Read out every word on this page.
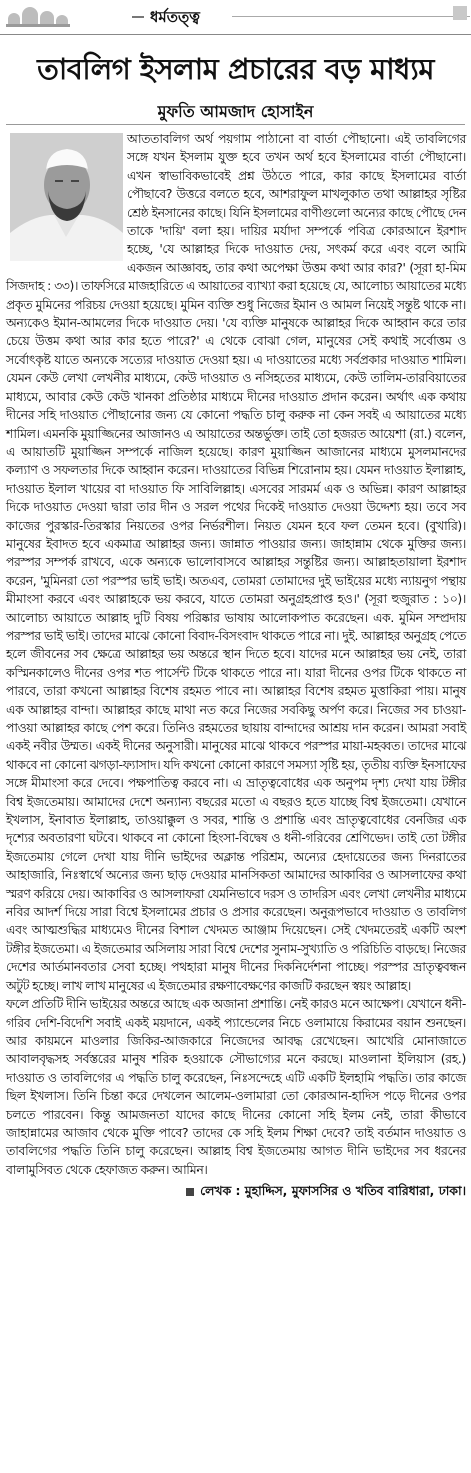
ধর্মতত্ত্ব
তাবলিগ ইসলাম প্রচারের বড় মাধ্যম
মুফতি আমজাদ হোসাইন

আততাবলিগ অর্থ পয়গাম পাঠানো বা বার্তা পৌছানো। এই তাবলিগের সঙ্গে যখন ইসলাম যুক্ত হবে তখন অর্থ হবে ইসলামের বার্তা পৌছানো। এখন স্বাভাবিকভাবেই প্রশ্ন উঠতে পারে, কার কাছে ইসলামের বার্তা পৌছাবে? উত্তরে বলতে হবে, আশরাফুল মাখলুকাত তথা আল্লাহর সৃষ্টির শ্রেষ্ঠ ইনসানের কাছে। যিনি ইসলামের বাণীগুলো অন্যের কাছে পৌছে দেন তাকে 'দায়ি' বলা হয়। দায়ির মর্যাদা সম্পর্কে পবিত্র কোরআনে ইরশাদ হচ্ছে, 'যে আল্লাহর দিকে দাওয়াত দেয়, সৎকর্ম করে এবং বলে আমি একজন আজ্ঞাবহ, তার কথা অপেক্ষা উত্তম কথা আর কার?' (সূরা হা-মিম সিজদাহ : ৩৩)। তাফসিরে মাজহারিতে এ আয়াতের ব্যাখ্যা করা হয়েছে যে, আলোচ্য আয়াতের মধ্যে প্রকৃত মুমিনের পরিচয় দেওয়া হয়েছে। মুমিন ব্যক্তি শুধু নিজের ইমান ও আমল নিয়েই সন্তুষ্ট থাকে না। অন্যকেও ইমান-আমলের দিকে দাওয়াত দেয়। 'যে ব্যক্তি মানুষকে আল্লাহর দিকে আহ্বান করে তার চেয়ে উত্তম কথা আর কার হতে পারে?' এ থেকে বোঝা গেল, মানুষের সেই কথাই সর্বোত্তম ও সর্বোৎকৃষ্ট যাতে অন্যকে সত্যের দাওয়াত দেওয়া হয়। এ দাওয়াতের মধ্যে সর্বপ্রকার দাওয়াত শামিল। যেমন কেউ লেখা লেখনীর মাধ্যমে, কেউ দাওয়াত ও নসিহতের মাধ্যমে, কেউ তালিম-তারবিয়াতের মাধ্যমে, আবার কেউ কেউ খানকা প্রতিষ্ঠার মাধ্যমে দীনের দাওয়াত প্রদান করেন। অর্থাৎ এক কথায় দীনের সহি দাওয়াত পৌছানোর জন্য যে কোনো পদ্ধতি চালু করুক না কেন সবই এ আয়াতের মধ্যে শামিল। এমনকি মুয়াজ্জিনের আজানও এ আয়াতের অন্তর্ভুক্ত। তাই তো হজরত আয়েশা (রা.) বলেন, এ আয়াতটি মুয়াজ্জিন সম্পর্কে নাজিল হয়েছে। কারণ মুয়াজ্জিন আজানের মাধ্যমে মুসলমানদের কল্যাণ ও সফলতার দিকে আহ্বান করেন। দাওয়াতের বিভিন্ন শিরোনাম হয়। যেমন দাওয়াত ইলাল্লাহ, দাওয়াত ইলাল খায়ের বা দাওয়াত ফি সাবিলিল্লাহ। এসবের সারমর্ম এক ও অভিন্ন। কারণ আল্লাহর দিকে দাওয়াত দেওয়া দ্বারা তার দীন ও সরল পথের দিকেই দাওয়াত দেওয়া উদ্দেশ্য হয়। তবে সব কাজের পুরস্কার-তিরস্কার নিয়তের ওপর নির্ভরশীল। নিয়ত যেমন হবে ফল তেমন হবে। (বুখারি)। মানুষের ইবাদত হবে একমাত্র আল্লাহর জন্য। জান্নাত পাওয়ার জন্য। জাহান্নাম থেকে মুক্তির জন্য। পরস্পর সম্পর্ক রাখবে, একে অন্যকে ভালোবাসবে আল্লাহর সন্তুষ্টির জন্য। আল্লাহতায়ালা ইরশাদ করেন, 'মুমিনরা তো পরস্পর ভাই ভাই। অতএব, তোমরা তোমাদের দুই ভাইয়ের মধ্যে ন্যায়নুগ পন্থায় মীমাংসা করবে এবং আল্লাহকে ভয় করবে, যাতে তোমরা অনুগ্রহপ্রাপ্ত হও।' (সূরা হুজুরাত : ১০)। আলোচ্য আয়াতে আল্লাহ দুটি বিষয় পরিষ্কার ভাষায় আলোকপাত করেছেন। এক. মুমিন সম্প্রদায় পরস্পর ভাই ভাই। তাদের মাঝে কোনো বিবাদ-বিসংবাদ থাকতে পারে না। দুই. আল্লাহর অনুগ্রহ পেতে হলে জীবনের সব ক্ষেত্রে আল্লাহর ভয় অন্তরে স্থান দিতে হবে। যাদের মনে আল্লাহর ভয় নেই, তারা কস্মিনকালেও দীনের ওপর শত পার্সেন্ট টিকে থাকতে পারে না। যারা দীনের ওপর টিকে থাকতে না পারবে, তারা কখনো আল্লাহর বিশেষ রহমত পাবে না। আল্লাহর বিশেষ রহমত মুত্তাকিরা পায়। মানুষ এক আল্লাহর বান্দা। আল্লাহর কাছে মাথা নত করে নিজের সবকিছু অর্পণ করে। নিজের সব চাওয়া-পাওয়া আল্লাহর কাছে পেশ করে। তিনিও রহমতের ছায়ায় বান্দাদের আশ্রয় দান করেন। আমরা সবাই একই নবীর উম্মত। একই দীনের অনুসারী। মানুষের মাঝে থাকবে পরস্পর মায়া-মহব্বত। তাদের মাঝে থাকবে না কোনো ঝগড়া-ফ্যাসাদ। যদি কখনো কোনো কারণে সমস্যা সৃষ্টি হয়, তৃতীয় ব্যক্তি ইনসাফের সঙ্গে মীমাংসা করে দেবে। পক্ষপাতিত্ব করবে না। এ ভ্রাতৃত্ববোধের এক অনুপম দৃশ্য দেখা যায় টঙ্গীর বিশ্ব ইজতেমায়। আমাদের দেশে অন্যান্য বছরের মতো এ বছরও হতে যাচ্ছে বিশ্ব ইজতেমা। যেখানে ইখলাস, ইনাবাত ইলাল্লাহ, তাওয়াক্কুল ও সবর, শান্তি ও প্রশান্তি এবং ভ্রাতৃত্ববোধের বেনজির এক দৃশ্যের অবতারণা ঘটবে। থাকবে না কোনো হিংসা-বিদ্বেষ ও ধনী-গরিবের শ্রেণিভেদ। তাই তো টঙ্গীর ইজতেমায় গেলে দেখা যায় দীনি ভাইদের অক্লান্ত পরিশ্রম, অন্যের হেদায়েতের জন্য দিনরাতের আহাজারি, নিঃস্বার্থে অন্যের জন্য ছাড় দেওয়ার মানসিকতা আমাদের আকাবির ও আসলাফের কথা স্মরণ করিয়ে দেয়। আকাবির ও আসলাফরা যেমনিভাবে দরস ও তাদরিস এবং লেখা লেখনীর মাধ্যমে নবির আদর্শ দিয়ে সারা বিশ্বে ইসলামের প্রচার ও প্রসার করেছেন। অনুরূপভাবে দাওয়াত ও তাবলিগ এবং আত্মশুদ্ধির মাধ্যমেও দীনের বিশাল খেদমত আঞ্জাম দিয়েছেন। সেই খেদমতেরই একটি অংশ টঙ্গীর ইজতেমা। এ ইজতেমার অসিলায় সারা বিশ্বে দেশের সুনাম-সুখ্যাতি ও পরিচিতি বাড়ছে। নিজের দেশের আর্তমানবতার সেবা হচ্ছে। পথহারা মানুষ দীনের দিকনির্দেশনা পাচ্ছে। পরস্পর ভ্রাতৃত্ববন্ধন অটুট হচ্ছে। লাখ লাখ মানুষের এ ইজতেমার রক্ষণাবেক্ষণের কাজটি করছেন স্বয়ং আল্লাহ।

ফলে প্রতিটি দীনি ভাইয়ের অন্তরে আছে এক অজানা প্রশান্তি। নেই কারও মনে আক্ষেপ। যেখানে ধনী-গরিব দেশি-বিদেশি সবাই একই ময়দানে, একই প্যান্ডেলের নিচে ওলামায়ে কিরামের বয়ান শুনছেন। আর কায়মনে মাওলার জিকির-আজকারে নিজেদের আবদ্ধ রেখেছেন। আখেরি মোনাজাতে আবালবৃদ্ধসহ সর্বস্তরের মানুষ শরিক হওয়াকে সৌভাগ্যের মনে করছে। মাওলানা ইলিয়াস (রহ.) দাওয়াত ও তাবলিগের এ পদ্ধতি চালু করেছেন, নিঃসন্দেহে এটি একটি ইলহামি পদ্ধতি। তার কাজে ছিল ইখলাস। তিনি চিন্তা করে দেখলেন আলেম-ওলামারা তো কোরআন-হাদিস পড়ে দীনের ওপর চলতে পারবেন। কিন্তু আমজনতা যাদের কাছে দীনের কোনো সহি ইলম নেই, তারা কীভাবে জাহান্নামের আজাব থেকে মুক্তি পাবে? তাদের কে সহি ইলম শিক্ষা দেবে? তাই বর্তমান দাওয়াত ও তাবলিগের পদ্ধতি তিনি চালু করেছেন। আল্লাহ বিশ্ব ইজতেমায় আগত দীনি ভাইদের সব ধরনের বালামুসিবত থেকে হেফাজত করুন। আমিন।

লেখক : মুহাদ্দিস, মুফাসসির ও খতিব বারিধারা, ঢাকা।
